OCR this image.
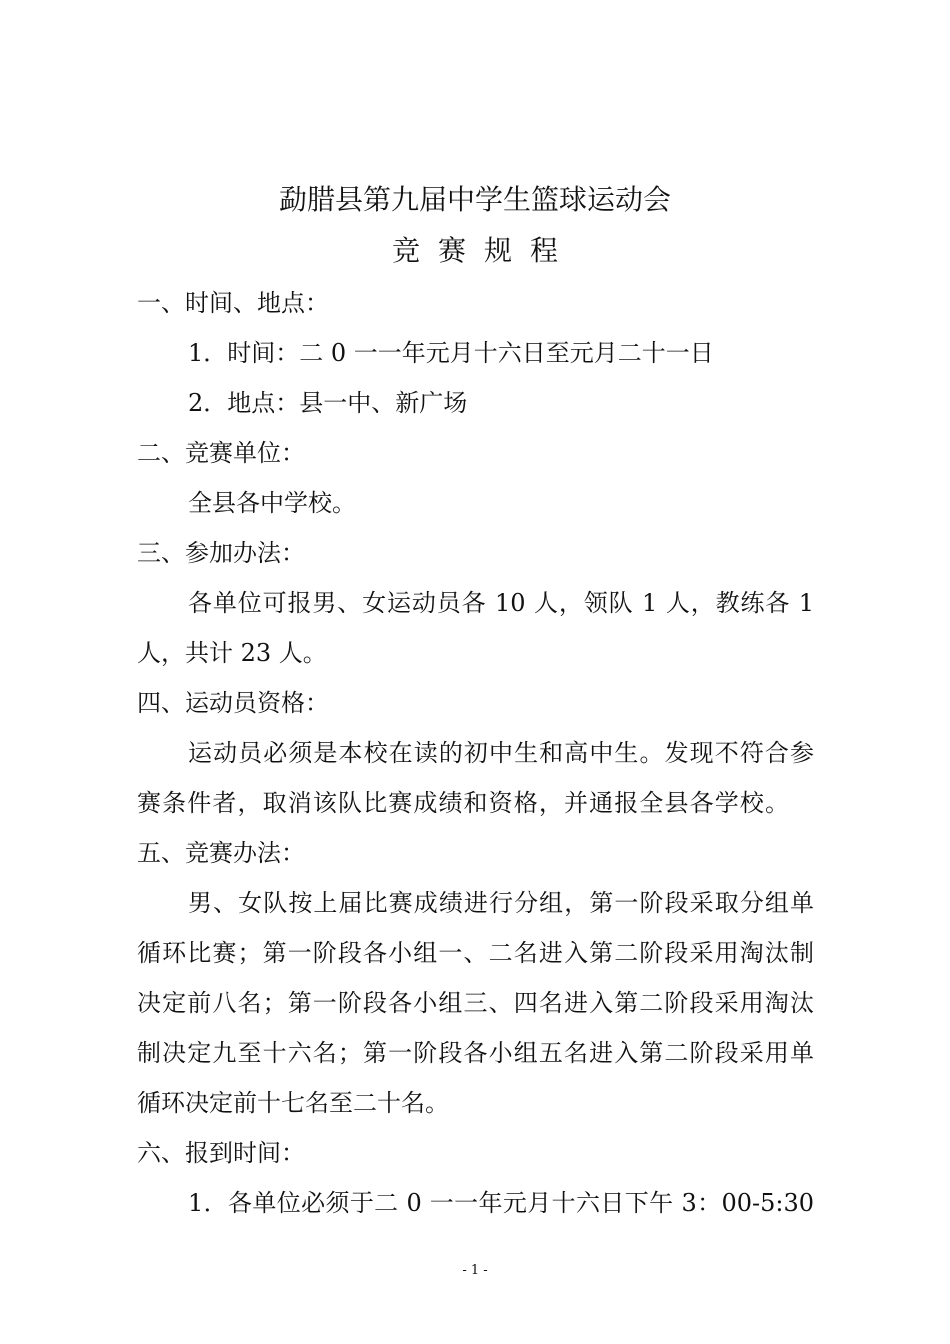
勐腊县第九届中学生篮球运动会
竞赛规程
一、时间、地点：
1．时间：二 0 一一年元月十六日至元月二十一日
2．地点：县一中、新广场
二、竞赛单位：
全县各中学校。
三、参加办法：
各单位可报男、女运动员各 10 人，领队 1 人，教练各 1
人，共计 23 人。
四、运动员资格：
运动员必须是本校在读的初中生和高中生。发现不符合参
赛条件者，取消该队比赛成绩和资格，并通报全县各学校。
五、竞赛办法：
男、女队按上届比赛成绩进行分组，第一阶段采取分组单
循环比赛；第一阶段各小组一、二名进入第二阶段采用淘汰制
决定前八名；第一阶段各小组三、四名进入第二阶段采用淘汰
制决定九至十六名；第一阶段各小组五名进入第二阶段采用单
循环决定前十七名至二十名。
六、报到时间：
1．各单位必须于二 0 一一年元月十六日下午 3：00-5:30
- 1 -
